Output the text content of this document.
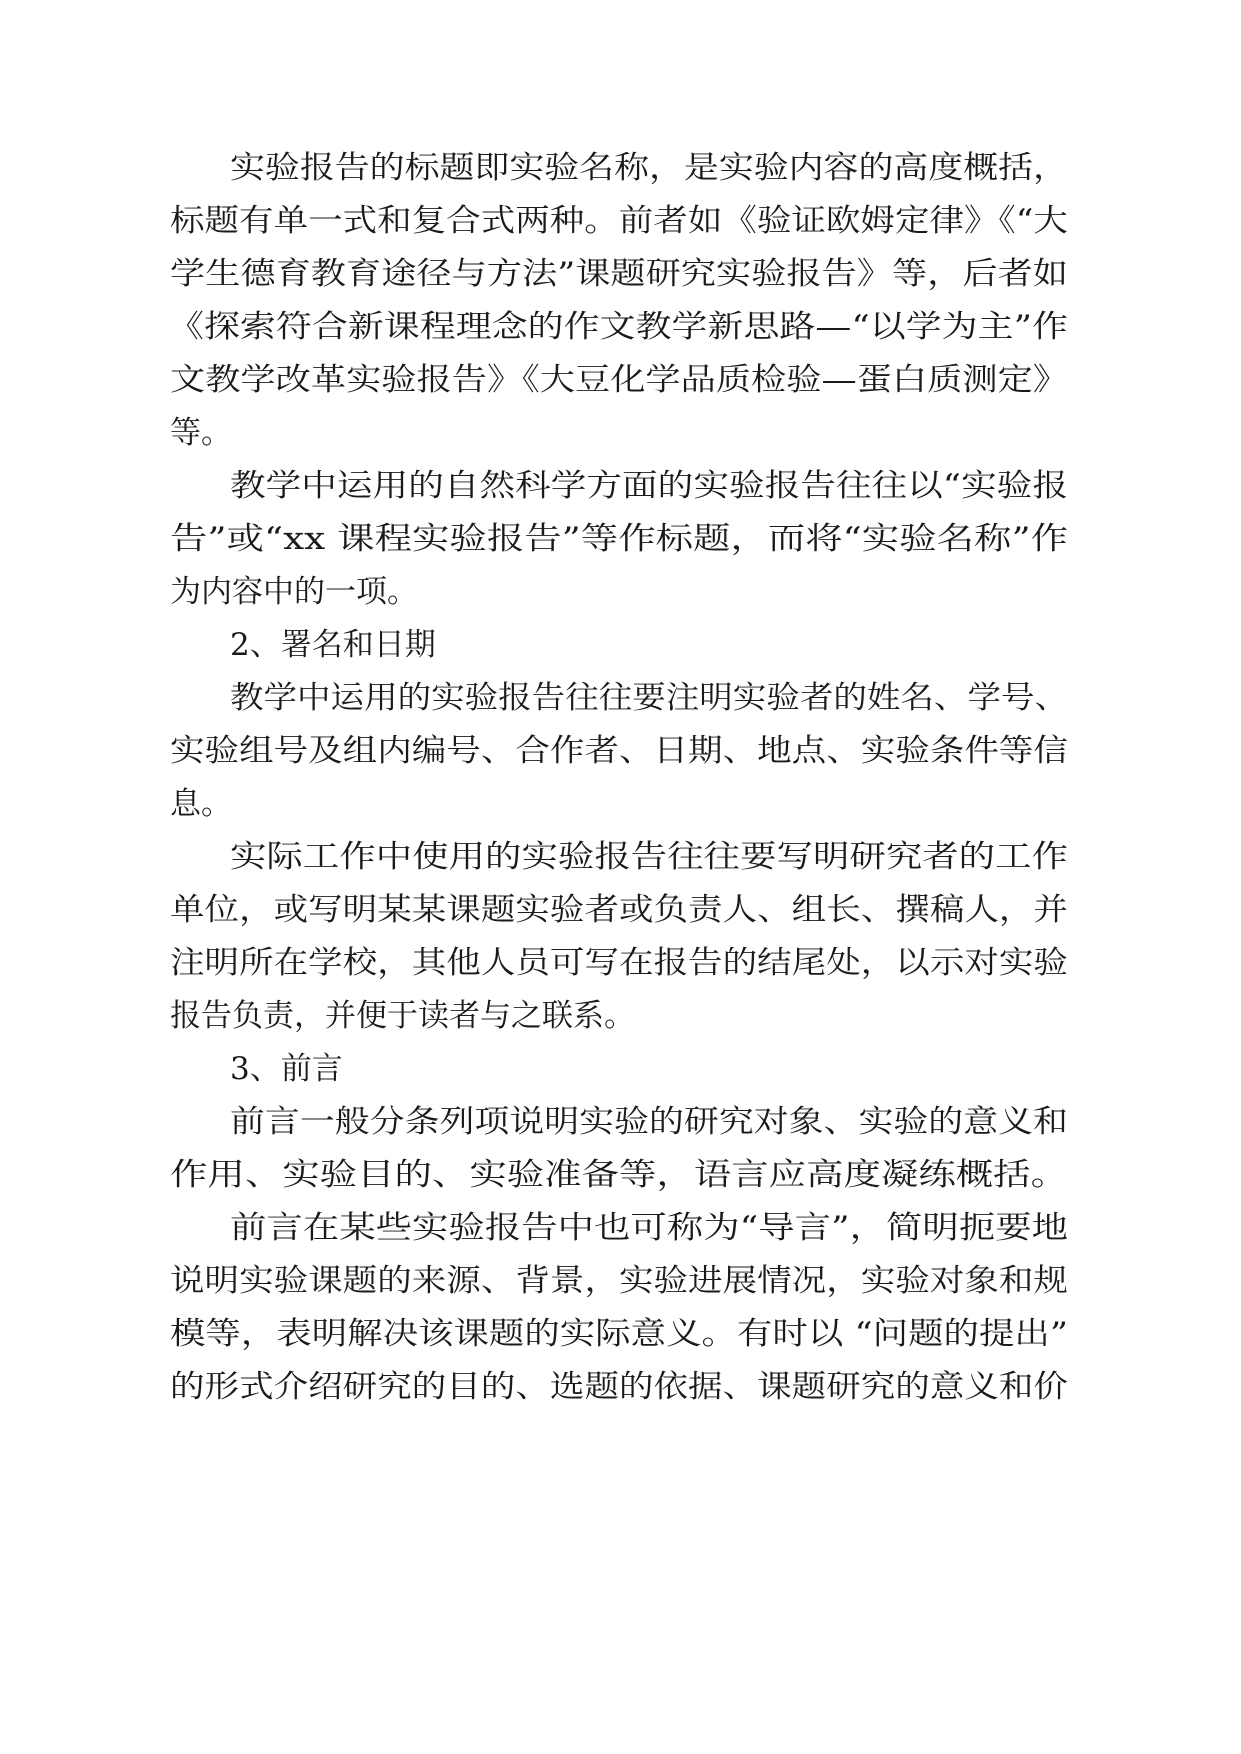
实验报告的标题即实验名称，是实验内容的高度概括，

标题有单一式和复合式两种。前者如《验证欧姆定律》《“大

学生德育教育途径与方法”课题研究实验报告》等，后者如

《探索符合新课程理念的作文教学新思路—“以学为主”作

文教学改革实验报告》《大豆化学品质检验—蛋白质测定》

等。

教学中运用的自然科学方面的实验报告往往以“实验报

告”或“xx 课程实验报告”等作标题，而将“实验名称”作

为内容中的一项。

2、署名和日期

教学中运用的实验报告往往要注明实验者的姓名、学号、

实验组号及组内编号、合作者、日期、地点、实验条件等信

息。

实际工作中使用的实验报告往往要写明研究者的工作

单位，或写明某某课题实验者或负责人、组长、撰稿人，并

注明所在学校，其他人员可写在报告的结尾处，以示对实验

报告负责，并便于读者与之联系。

3、前言

前言一般分条列项说明实验的研究对象、实验的意义和

作用、实验目的、实验准备等，语言应高度凝练概括。

前言在某些实验报告中也可称为“导言”，简明扼要地

说明实验课题的来源、背景，实验进展情况，实验对象和规

模等，表明解决该课题的实际意义。有时以 “问题的提出”

的形式介绍研究的目的、选题的依据、课题研究的意义和价
